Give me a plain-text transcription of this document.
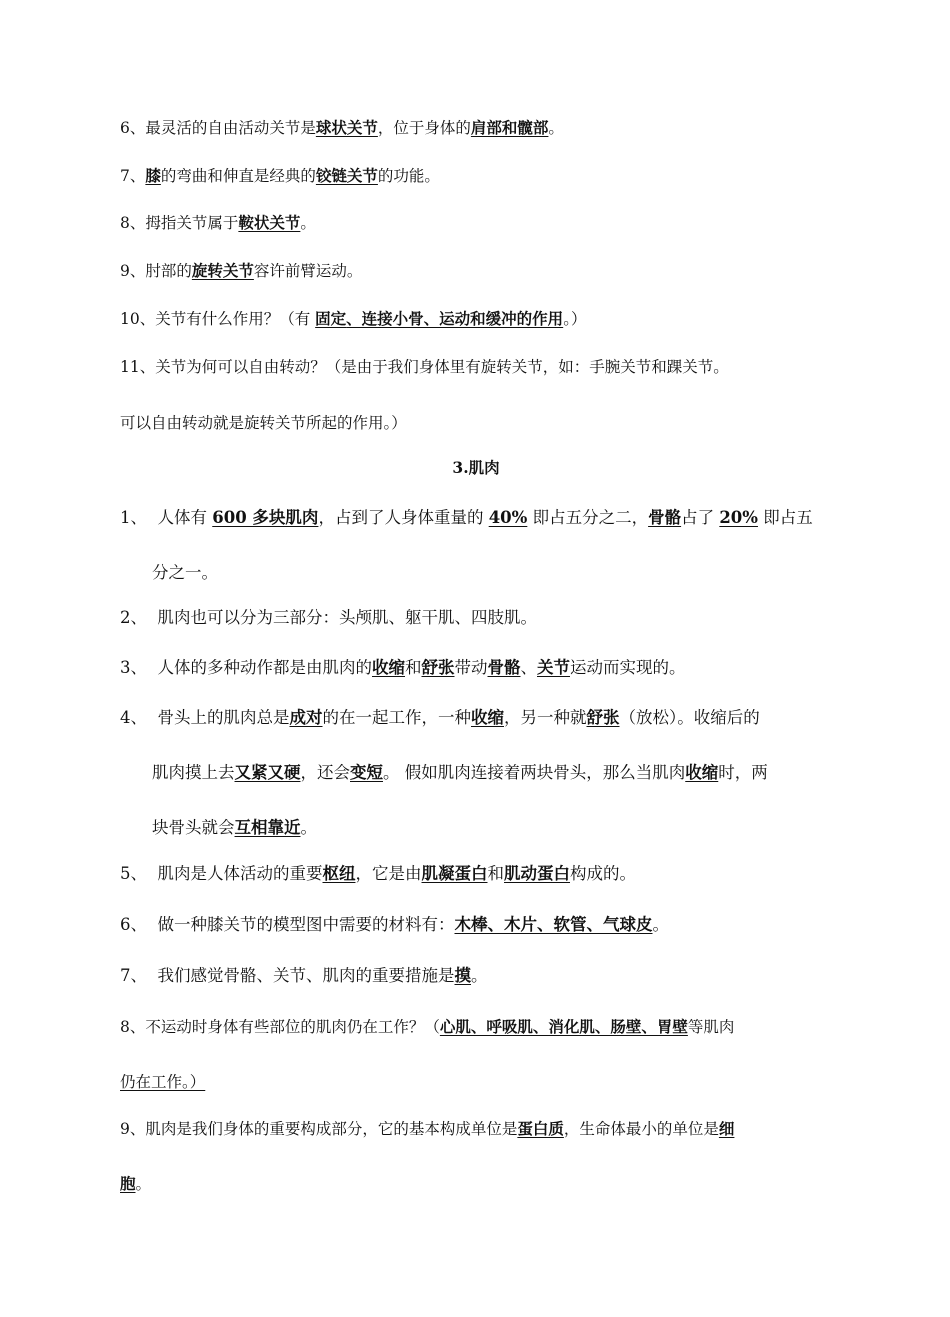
6、最灵活的自由活动关节是球状关节，位于身体的肩部和髋部。
7、膝的弯曲和伸直是经典的铰链关节的功能。
8、拇指关节属于鞍状关节。
9、肘部的旋转关节容许前臂运动。
10、关节有什么作用？（有 固定、连接小骨、运动和缓冲的作用。）
11、关节为何可以自由转动？（是由于我们身体里有旋转关节，如：手腕关节和踝关节。
可以自由转动就是旋转关节所起的作用。）
3.肌肉
1、 人体有 600 多块肌肉，占到了人身体重量的 40% 即占五分之二，骨骼占了 20% 即占五
分之一。
2、 肌肉也可以分为三部分：头颅肌、躯干肌、四肢肌。
3、 人体的多种动作都是由肌肉的收缩和舒张带动骨骼、关节运动而实现的。
4、 骨头上的肌肉总是成对的在一起工作，一种收缩，另一种就舒张（放松）。收缩后的
肌肉摸上去又紧又硬，还会变短。 假如肌肉连接着两块骨头，那么当肌肉收缩时，两
块骨头就会互相靠近。
5、 肌肉是人体活动的重要枢纽，它是由肌凝蛋白和肌动蛋白构成的。
6、 做一种膝关节的模型图中需要的材料有：木棒、木片、软管、气球皮。
7、 我们感觉骨骼、关节、肌肉的重要措施是摸。
8、不运动时身体有些部位的肌肉仍在工作？（心肌、呼吸肌、消化肌、肠壁、胃壁等肌肉
仍在工作。）
9、肌肉是我们身体的重要构成部分，它的基本构成单位是蛋白质，生命体最小的单位是细
胞。
